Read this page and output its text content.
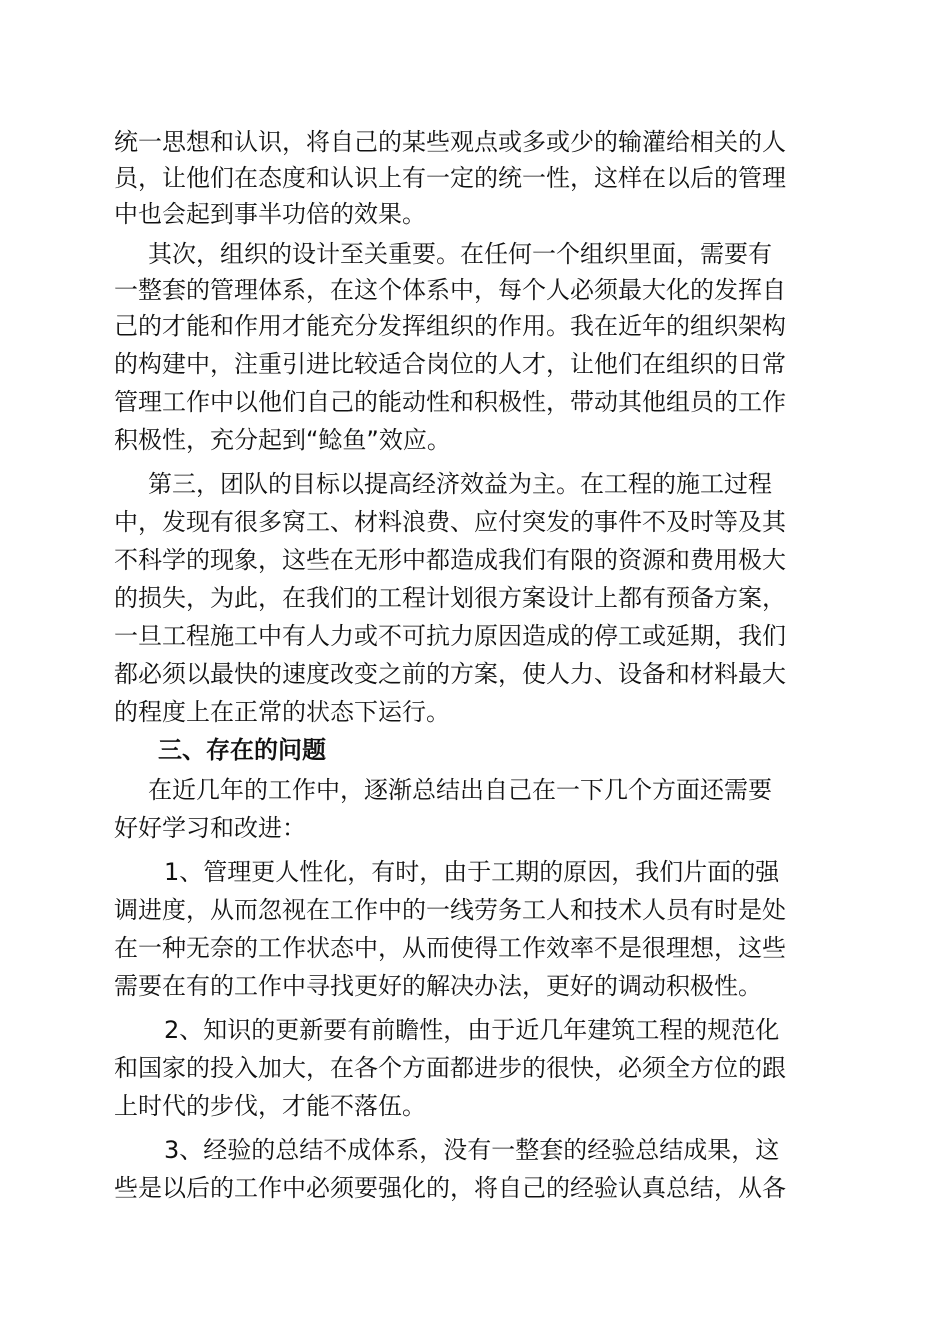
统一思想和认识，将自己的某些观点或多或少的输灌给相关的人
员，让他们在态度和认识上有一定的统一性，这样在以后的管理
中也会起到事半功倍的效果。
其次，组织的设计至关重要。在任何一个组织里面，需要有
一整套的管理体系，在这个体系中，每个人必须最大化的发挥自
己的才能和作用才能充分发挥组织的作用。我在近年的组织架构
的构建中，注重引进比较适合岗位的人才，让他们在组织的日常
管理工作中以他们自己的能动性和积极性，带动其他组员的工作
积极性，充分起到“鲶鱼”效应。
第三，团队的目标以提高经济效益为主。在工程的施工过程
中，发现有很多窝工、材料浪费、应付突发的事件不及时等及其
不科学的现象，这些在无形中都造成我们有限的资源和费用极大
的损失，为此，在我们的工程计划很方案设计上都有预备方案，
一旦工程施工中有人力或不可抗力原因造成的停工或延期，我们
都必须以最快的速度改变之前的方案，使人力、设备和材料最大
的程度上在正常的状态下运行。
三、存在的问题
在近几年的工作中，逐渐总结出自己在一下几个方面还需要
好好学习和改进：
1、管理更人性化，有时，由于工期的原因，我们片面的强
调进度，从而忽视在工作中的一线劳务工人和技术人员有时是处
在一种无奈的工作状态中，从而使得工作效率不是很理想，这些
需要在有的工作中寻找更好的解决办法，更好的调动积极性。
2、知识的更新要有前瞻性，由于近几年建筑工程的规范化
和国家的投入加大，在各个方面都进步的很快，必须全方位的跟
上时代的步伐，才能不落伍。
3、经验的总结不成体系，没有一整套的经验总结成果，这
些是以后的工作中必须要强化的，将自己的经验认真总结，从各
